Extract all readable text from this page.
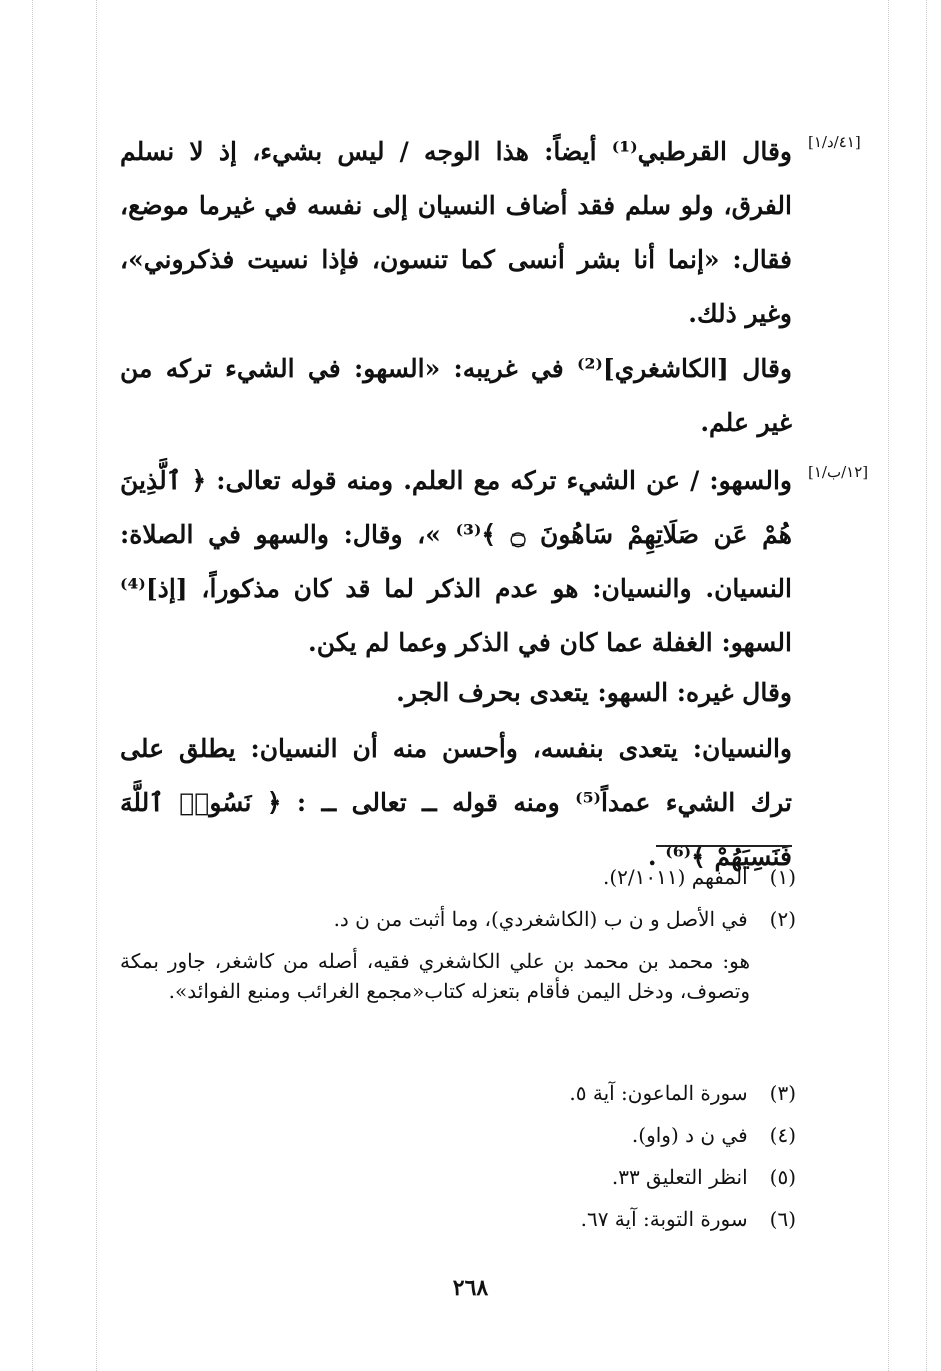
[٤١/د/١]
[١٢/ب/١]
وقال القرطبي⁽¹⁾ أيضاً: هذا الوجه / ليس بشيء، إذ لا نسلم الفرق، ولو سلم فقد أضاف النسيان إلى نفسه في غيرما موضع، فقال: «إنما أنا بشر أنسى كما تنسون، فإذا نسيت فذكروني»، وغير ذلك.
وقال [الكاشغري]⁽²⁾ في غريبه: «السهو: في الشيء تركه من غير علم.
والسهو: / عن الشيء تركه مع العلم. ومنه قوله تعالى: ﴿ ٱلَّذِينَ هُمْ عَن صَلَاتِهِمْ سَاهُونَ ۝ ﴾⁽³⁾ »، وقال: والسهو في الصلاة: النسيان. والنسيان: هو عدم الذكر لما قد كان مذكوراً، [إذ]⁽⁴⁾ السهو: الغفلة عما كان في الذكر وعما لم يكن.
وقال غيره: السهو: يتعدى بحرف الجر.
والنسيان: يتعدى بنفسه، وأحسن منه أن النسيان: يطلق على ترك الشيء عمداً⁽⁵⁾ ومنه قوله ــ تعالى ــ : ﴿ نَسُوا۟ ٱللَّهَ فَنَسِيَهُمْ ﴾⁽⁶⁾ .
(١) المفهم (٢/١٠١١).
(٢) في الأصل و ن ب (الكاشغردي)، وما أثبت من ن د.
هو: محمد بن محمد بن علي الكاشغري فقيه، أصله من كاشغر، جاور بمكة وتصوف، ودخل اليمن فأقام بتعزله كتاب«مجمع الغرائب ومنبع الفوائد».
(٣) سورة الماعون: آية ٥.
(٤) في ن د (واو).
(٥) انظر التعليق ٣٣.
(٦) سورة التوبة: آية ٦٧.
٢٦٨
